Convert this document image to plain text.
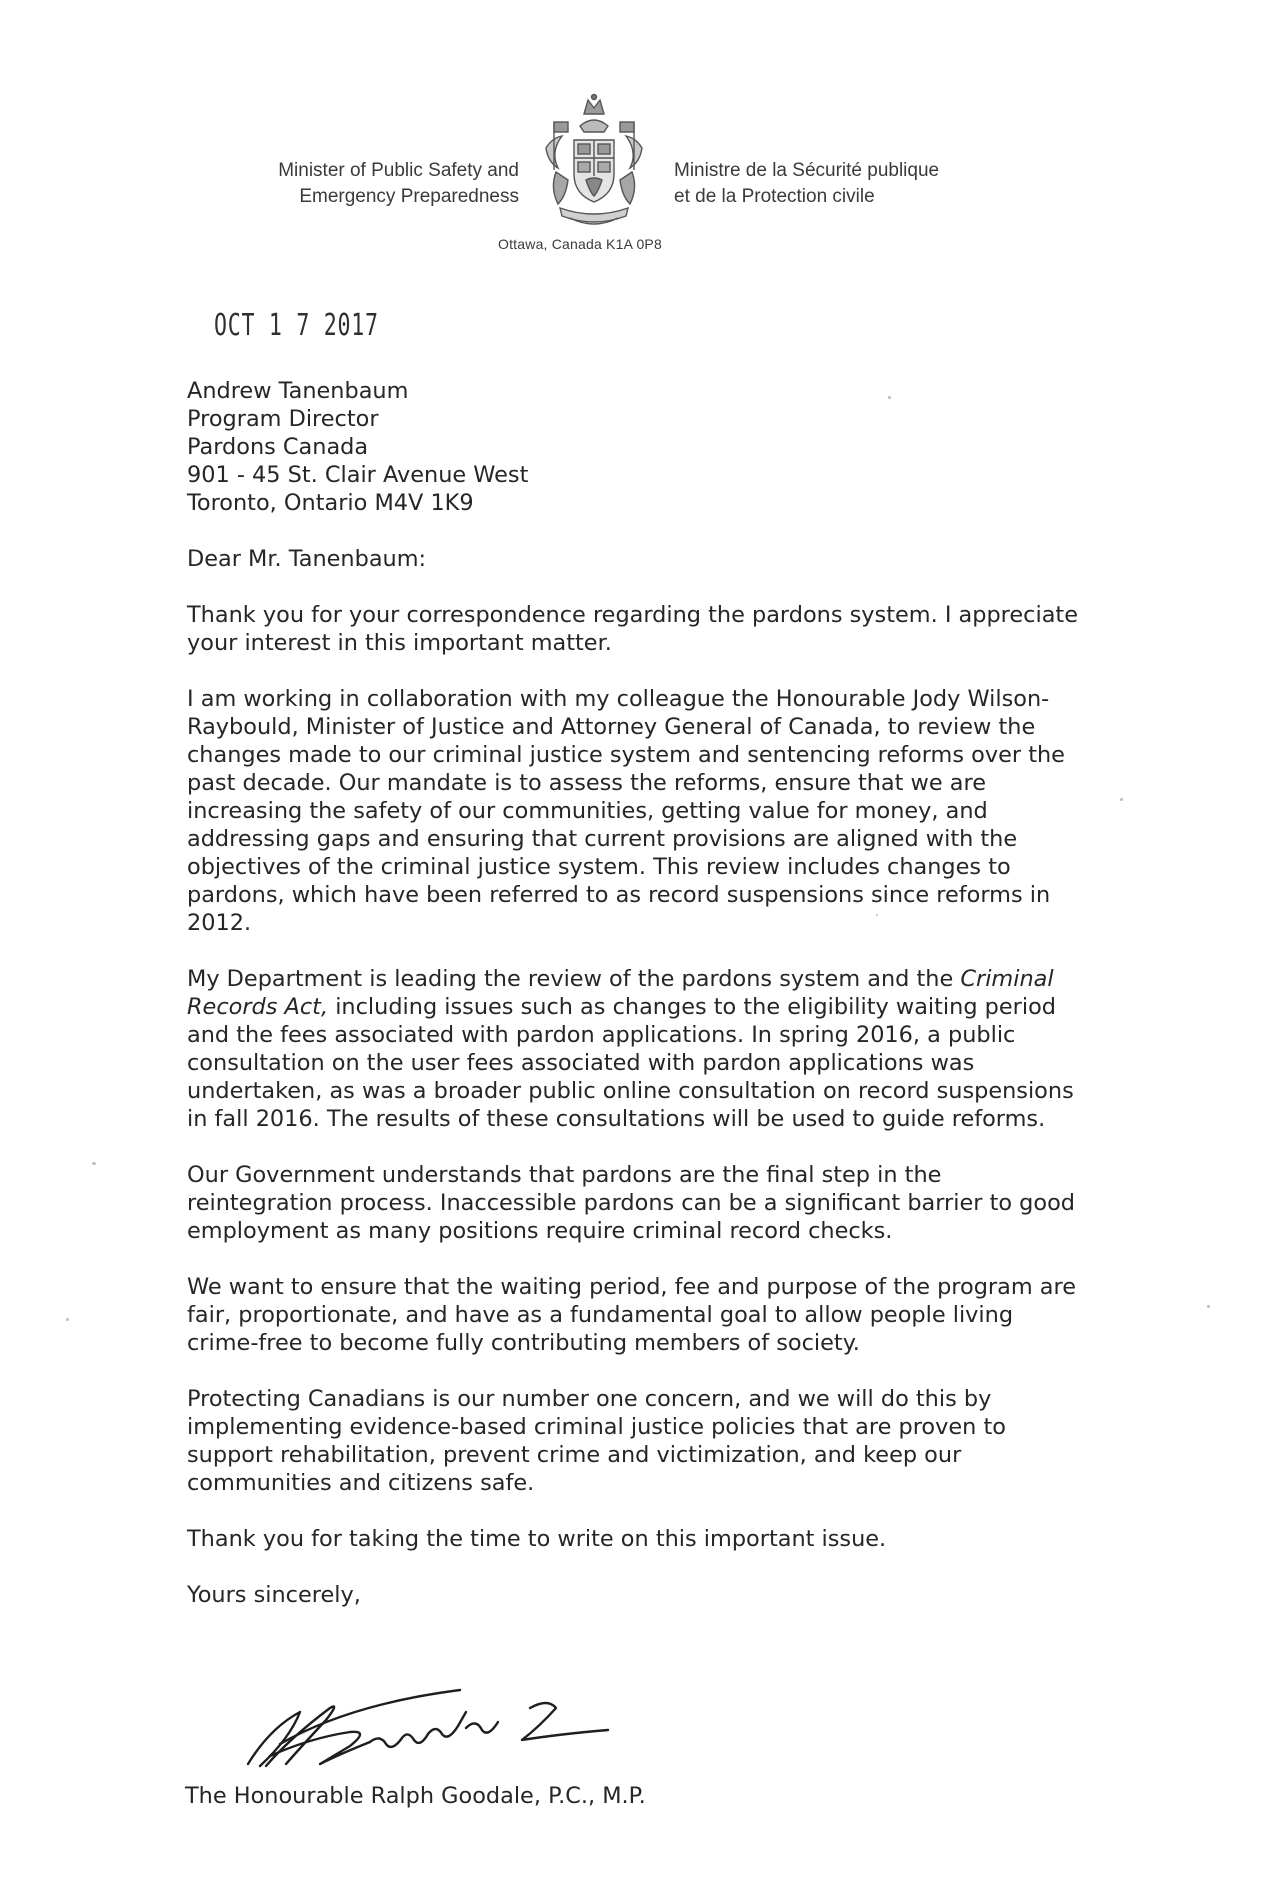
Minister of Public Safety and
Emergency Preparedness
Ministre de la Sécurité publique
et de la Protection civile
Ottawa, Canada K1A 0P8
OCT 1 7 2017

Andrew Tanenbaum

Program Director

Pardons Canada

901 - 45 St. Clair Avenue West

Toronto, Ontario M4V 1K9

Dear Mr. Tanenbaum:

Thank you for your correspondence regarding the pardons system. I appreciate your interest in this important matter.

I am working in collaboration with my colleague the Honourable Jody Wilson-Raybould, Minister of Justice and Attorney General of Canada, to review the changes made to our criminal justice system and sentencing reforms over the past decade. Our mandate is to assess the reforms, ensure that we are increasing the safety of our communities, getting value for money, and addressing gaps and ensuring that current provisions are aligned with the objectives of the criminal justice system. This review includes changes to pardons, which have been referred to as record suspensions since reforms in 2012.

My Department is leading the review of the pardons system and the Criminal Records Act, including issues such as changes to the eligibility waiting period and the fees associated with pardon applications. In spring 2016, a public consultation on the user fees associated with pardon applications was undertaken, as was a broader public online consultation on record suspensions in fall 2016. The results of these consultations will be used to guide reforms.

Our Government understands that pardons are the final step in the reintegration process. Inaccessible pardons can be a significant barrier to good employment as many positions require criminal record checks.

We want to ensure that the waiting period, fee and purpose of the program are fair, proportionate, and have as a fundamental goal to allow people living crime-free to become fully contributing members of society.

Protecting Canadians is our number one concern, and we will do this by implementing evidence-based criminal justice policies that are proven to support rehabilitation, prevent crime and victimization, and keep our communities and citizens safe.

Thank you for taking the time to write on this important issue.

Yours sincerely,

The Honourable Ralph Goodale, P.C., M.P.
